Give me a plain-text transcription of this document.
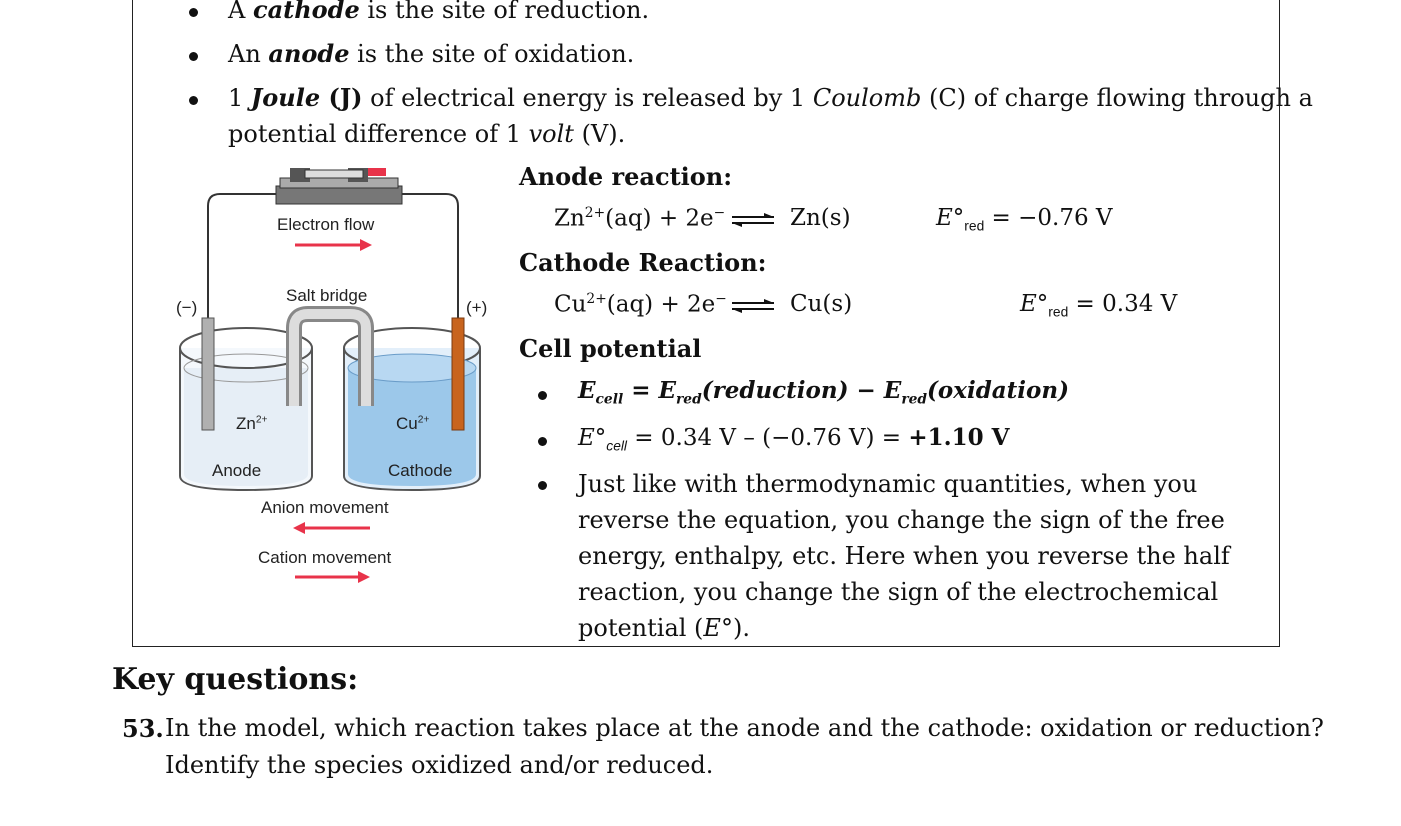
A cathode is the site of reduction.
An anode is the site of oxidation.
1 Joule (J) of electrical energy is released by 1 Coulomb (C) of charge flowing through a
potential difference of 1 volt (V).
Electron flow
Salt bridge
(−)	(+)
$Zn^{2+}$	$Cu^{2+}$
Anode	Cathode
Anion movement
Cation movement
Anode reaction:
$Zn^{2+}(aq) + 2e^-$ ⇌ Zn(s)	$E^\circ_{red} = -0.76$ V
Cathode Reaction:
$Cu^{2+}(aq) + 2e^-$ ⇌ Cu(s)	$E^\circ_{red} = 0.34$ V
Cell potential
$E_{cell}$ = $E_{red}(reduction)$ − $E_{red}(oxidation)$
$E^\circ_{cell} = 0.34$ V – (−0.76 V) = +1.10 V
Just like with thermodynamic quantities, when you
reverse the equation, you change the sign of the free
energy, enthalpy, etc. Here when you reverse the half
reaction, you change the sign of the electrochemical
potential (E°).
Key questions:
53. In the model, which reaction takes place at the anode and the cathode: oxidation or reduction?
Identify the species oxidized and/or reduced.
